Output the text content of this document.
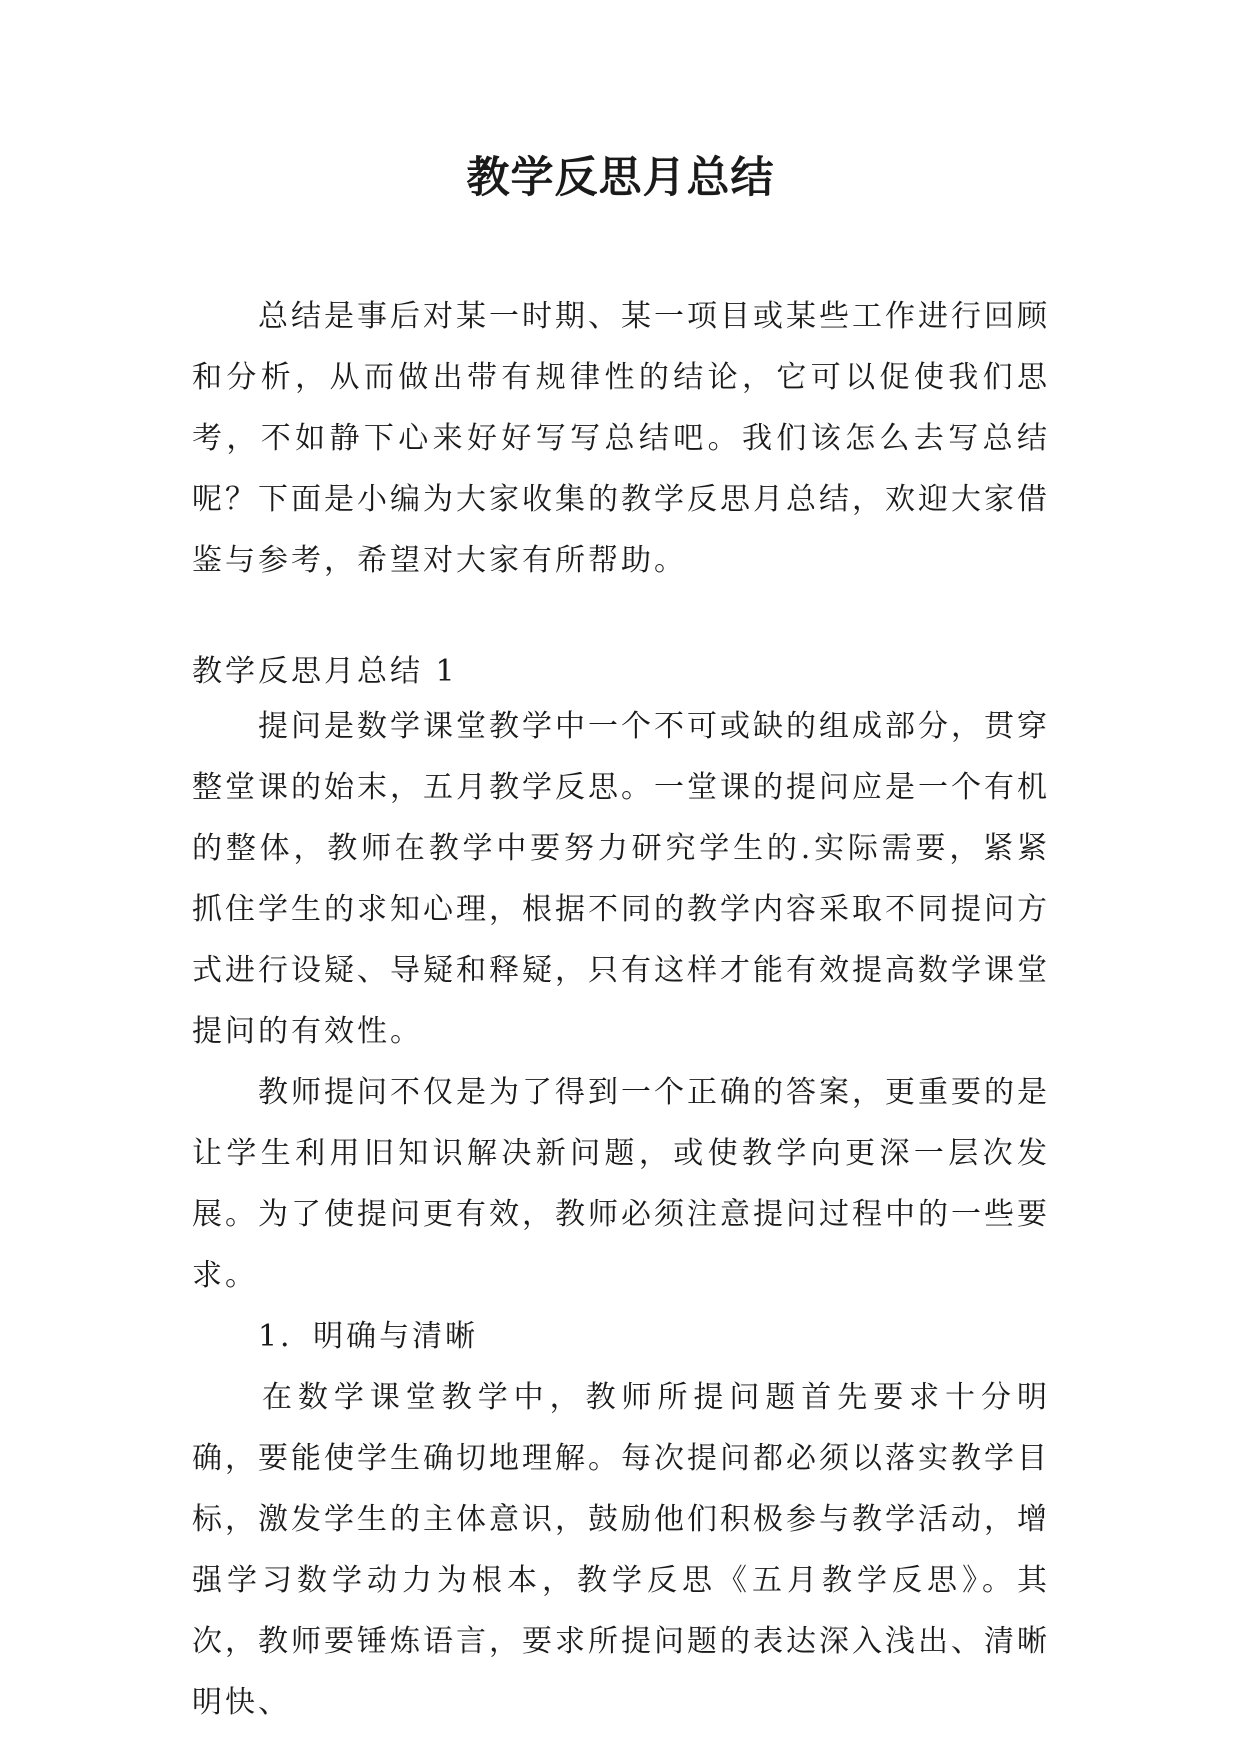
教学反思月总结

总结是事后对某一时期、某一项目或某些工作进行回顾和分析，从而做出带有规律性的结论，它可以促使我们思考，不如静下心来好好写写总结吧。我们该怎么去写总结呢？下面是小编为大家收集的教学反思月总结，欢迎大家借鉴与参考，希望对大家有所帮助。

教学反思月总结 1

提问是数学课堂教学中一个不可或缺的组成部分，贯穿整堂课的始末，五月教学反思。一堂课的提问应是一个有机的整体，教师在教学中要努力研究学生的.实际需要，紧紧抓住学生的求知心理，根据不同的教学内容采取不同提问方式进行设疑、导疑和释疑，只有这样才能有效提高数学课堂提问的有效性。

教师提问不仅是为了得到一个正确的答案，更重要的是让学生利用旧知识解决新问题，或使教学向更深一层次发展。为了使提问更有效，教师必须注意提问过程中的一些要求。

1．明确与清晰

在数学课堂教学中，教师所提问题首先要求十分明确，要能使学生确切地理解。每次提问都必须以落实教学目标，激发学生的主体意识，鼓励他们积极参与教学活动，增强学习数学动力为根本，教学反思《五月教学反思》。其次，教师要锤炼语言，要求所提问题的表达深入浅出、清晰明快、
